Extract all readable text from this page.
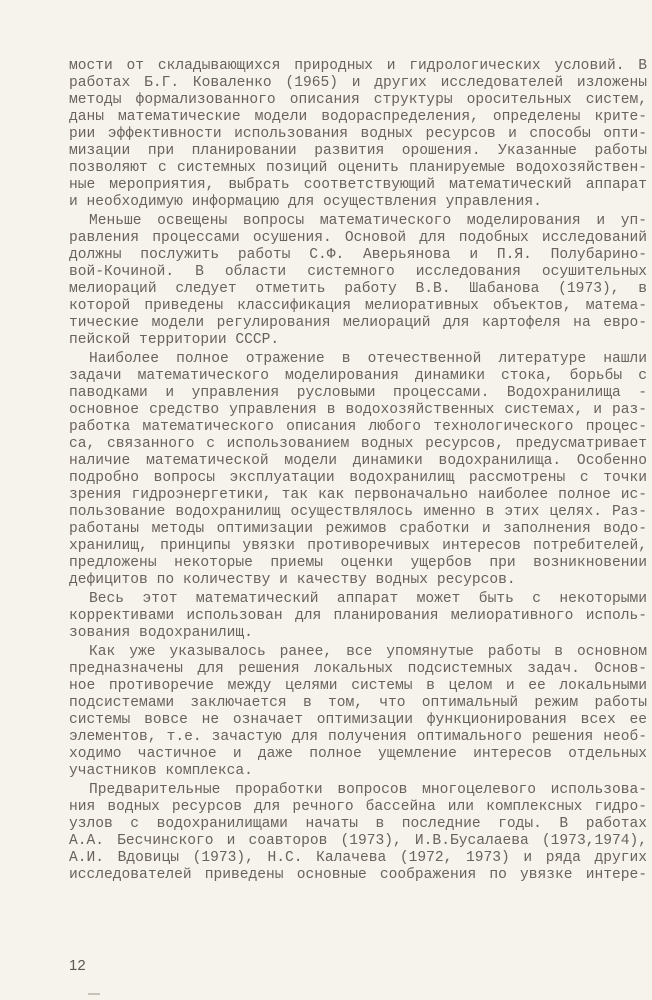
мости от складывающихся природных и гидрологических условий. В
работах Б.Г. Коваленко (1965) и других исследователей изложены
методы формализованного описания структуры оросительных систем,
даны математические модели водораспределения, определены крите-
рии эффективности использования водных ресурсов и способы опти-
мизации при планировании развития орошения. Указанные работы
позволяют с системных позиций оценить планируемые водохозяйствен-
ные мероприятия, выбрать соответствующий математический аппарат
и необходимую информацию для осуществления управления.
Меньше освещены вопросы математического моделирования и уп-
равления процессами осушения. Основой для подобных исследований
должны послужить работы С.Ф. Аверьянова и П.Я. Полубарино-
вой-Кочиной. В области системного исследования осушительных
мелиораций следует отметить работу В.В. Шабанова (1973), в
которой приведены классификация мелиоративных объектов, матема-
тические модели регулирования мелиораций для картофеля на евро-
пейской территории СССР.
Наиболее полное отражение в отечественной литературе нашли
задачи математического моделирования динамики стока, борьбы с
паводками и управления русловыми процессами. Водохранилища -
основное средство управления в водохозяйственных системах, и раз-
работка математического описания любого технологического процес-
са, связанного с использованием водных ресурсов, предусматривает
наличие математической модели динамики водохранилища. Особенно
подробно вопросы эксплуатации водохранилищ рассмотрены с точки
зрения гидроэнергетики, так как первоначально наиболее полное ис-
пользование водохранилищ осуществлялось именно в этих целях. Раз-
работаны методы оптимизации режимов сработки и заполнения водо-
хранилищ, принципы увязки противоречивых интересов потребителей,
предложены некоторые приемы оценки ущербов при возникновении
дефицитов по количеству и качеству водных ресурсов.
Весь этот математический аппарат может быть с некоторыми
коррективами использован для планирования мелиоративного исполь-
зования водохранилищ.
Как уже указывалось ранее, все упомянутые работы в основном
предназначены для решения локальных подсистемных задач. Основ-
ное противоречие между целями системы в целом и ее локальными
подсистемами заключается в том, что оптимальный режим работы
системы вовсе не означает оптимизации функционирования всех ее
элементов, т.е. зачастую для получения оптимального решения необ-
ходимо частичное и даже полное ущемление интересов отдельных
участников комплекса.
Предварительные проработки вопросов многоцелевого использова-
ния водных ресурсов для речного бассейна или комплексных гидро-
узлов с водохранилищами начаты в последние годы. В работах
А.А. Бесчинского и соавторов (1973), И.В.Бусалаева (1973,1974),
А.И. Вдовицы (1973), Н.С. Калачева (1972, 1973) и ряда других
исследователей приведены основные соображения по увязке интере-
12
